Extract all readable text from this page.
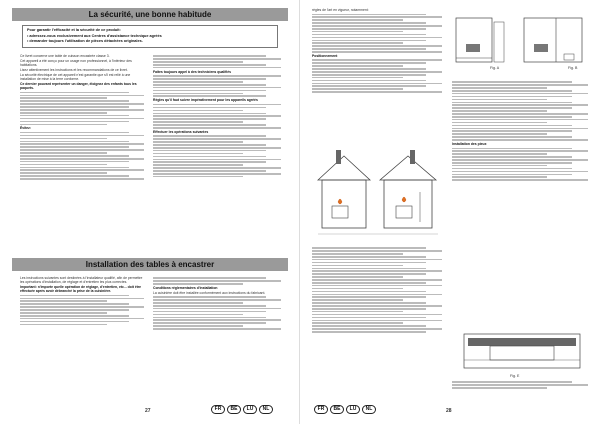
La sécurité, une bonne habitude

Pour garantir l'efficacité et la sécurité de ce produit:

• adressez-vous exclusivement aux Centres d'assistance technique agréés

• demander toujours l'utilisation de pièces détachées originales.

Ce livret concerne une table de cuisson encastrée classe 3.

Cet appareil a été conçu pour un usage non professionnel, à l'intérieur des habitations.

Lisez attentivement les instructions et les recommandations de ce livret.

La sécurité électrique de cet appareil n'est garantie que s'il est relié à une installation de mise à la terre conforme.

Ce dernier pouvant représenter un danger, éloignez des enfants tous les paquets.

Évitez:

Faites toujours appel à des techniciens qualifiés

Règles qu'il faut suivre impérativement pour les appareils agréés

Effectuer les opérations suivantes

Installation des tables à encastrer

Les instructions suivantes sont destinées à l'installateur qualifié, afin de permettre les opérations d'installation, de réglage et d'entretien les plus correctes.

Important: n'importe quelle opération de réglage, d'entretien, etc... doit être effectuée après avoir débranché la prise de la cuisinière.

Conditions réglementaires d'installation

La cuisinière doit être installée conformément aux instructions du fabricant.

27	FR	BE	LU	NL

règles de l'art en vigueur, notamment:

Positionnement

Fig. A	Fig. B

Installation des pieux

Fig. E
FR	BE	LU	NL	28
